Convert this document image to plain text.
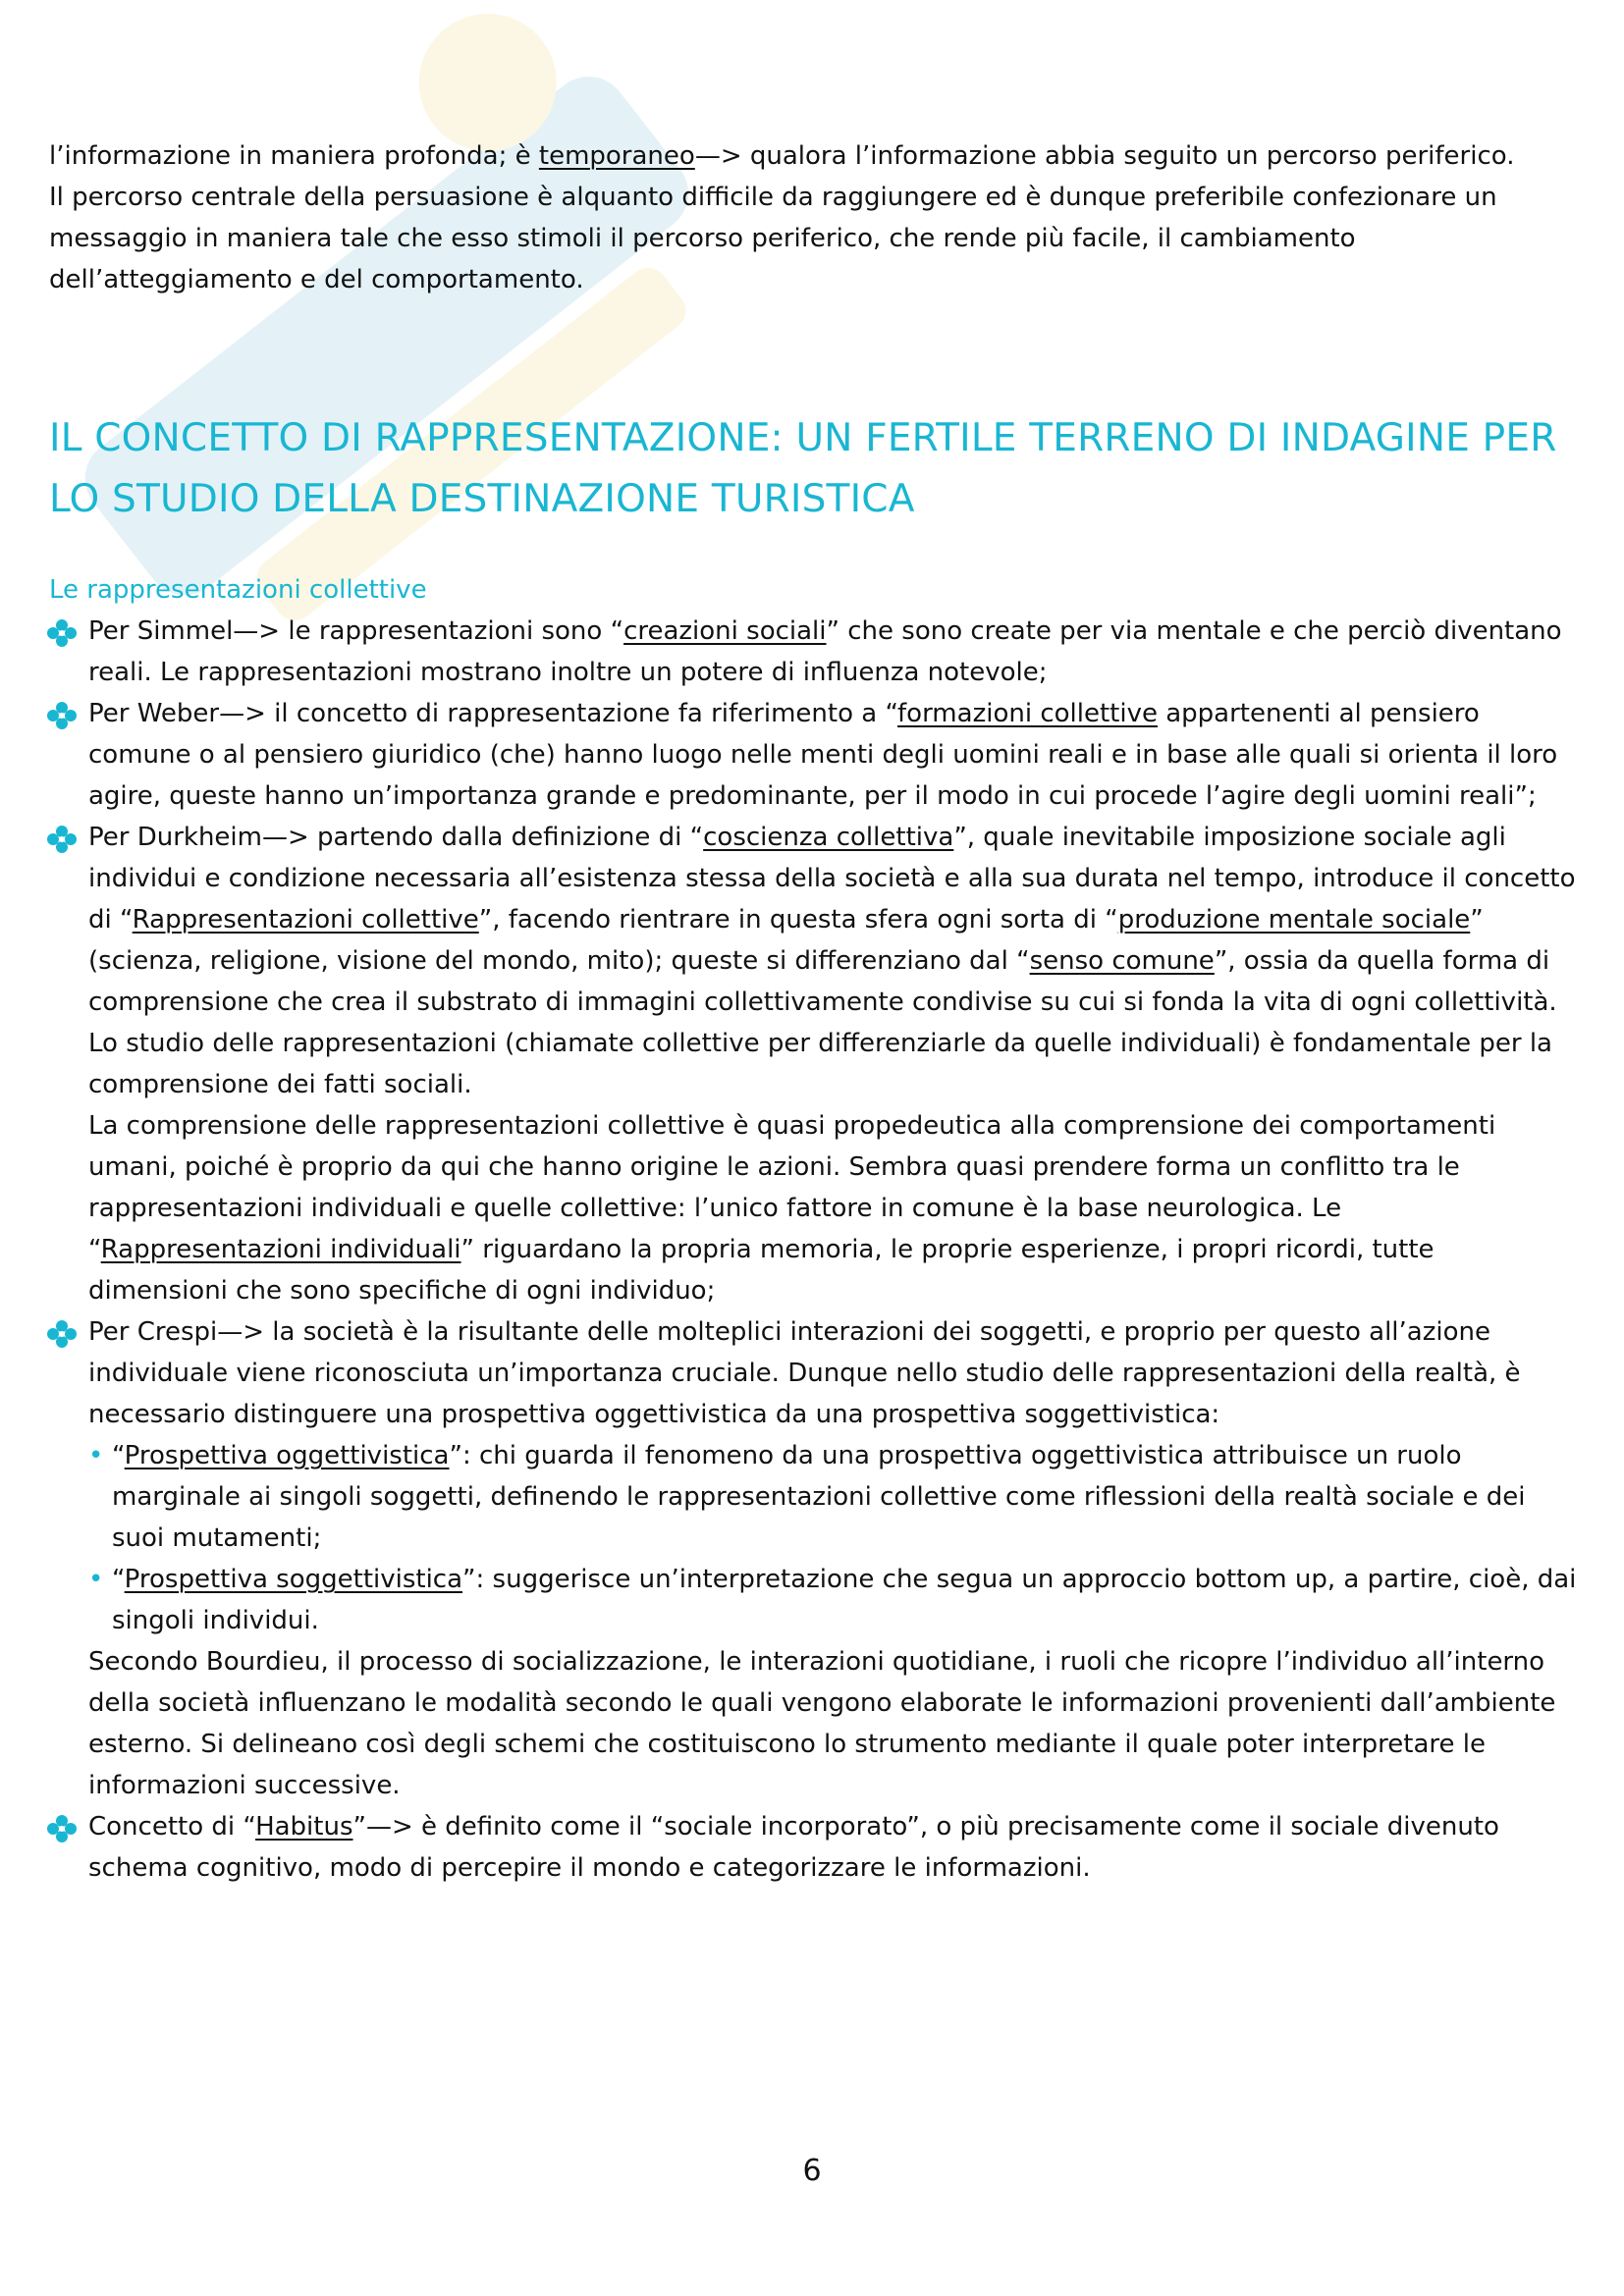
l’informazione in maniera profonda; è temporaneo—> qualora l’informazione abbia seguito un percorso periferico.

Il percorso centrale della persuasione è alquanto difficile da raggiungere ed è dunque preferibile confezionare un messaggio in maniera tale che esso stimoli il percorso periferico, che rende più facile, il cambiamento dell’atteggiamento e del comportamento.

IL CONCETTO DI RAPPRESENTAZIONE: UN FERTILE TERRENO DI INDAGINE PER LO STUDIO DELLA DESTINAZIONE TURISTICA
Le rappresentazioni collettive
Per Simmel—> le rappresentazioni sono “creazioni sociali” che sono create per via mentale e che perciò diventano reali. Le rappresentazioni mostrano inoltre un potere di influenza notevole;
Per Weber—> il concetto di rappresentazione fa riferimento a “formazioni collettive appartenenti al pensiero comune o al pensiero giuridico (che) hanno luogo nelle menti degli uomini reali e in base alle quali si orienta il loro agire, queste hanno un’importanza grande e predominante, per il modo in cui procede l’agire degli uomini reali”;
Per Durkheim—> partendo dalla definizione di “coscienza collettiva”, quale inevitabile imposizione sociale agli individui e condizione necessaria all’esistenza stessa della società e alla sua durata nel tempo, introduce il concetto di “Rappresentazioni collettive”, facendo rientrare in questa sfera ogni sorta di “produzione mentale sociale” (scienza, religione, visione del mondo, mito); queste si differenziano dal “senso comune”, ossia da quella forma di comprensione che crea il substrato di immagini collettivamente condivise su cui si fonda la vita di ogni collettività. Lo studio delle rappresentazioni (chiamate collettive per differenziarle da quelle individuali) è fondamentale per la comprensione dei fatti sociali.
La comprensione delle rappresentazioni collettive è quasi propedeutica alla comprensione dei comportamenti umani, poiché è proprio da qui che hanno origine le azioni. Sembra quasi prendere forma un conflitto tra le rappresentazioni individuali e quelle collettive: l’unico fattore in comune è la base neurologica. Le “Rappresentazioni individuali” riguardano la propria memoria, le proprie esperienze, i propri ricordi, tutte dimensioni che sono specifiche di ogni individuo;
Per Crespi—> la società è la risultante delle molteplici interazioni dei soggetti, e proprio per questo all’azione individuale viene riconosciuta un’importanza cruciale. Dunque nello studio delle rappresentazioni della realtà, è necessario distinguere una prospettiva oggettivistica da una prospettiva soggettivistica:
• “Prospettiva oggettivistica”: chi guarda il fenomeno da una prospettiva oggettivistica attribuisce un ruolo marginale ai singoli soggetti, definendo le rappresentazioni collettive come riflessioni della realtà sociale e dei suoi mutamenti;
• “Prospettiva soggettivistica”: suggerisce un’interpretazione che segua un approccio bottom up, a partire, cioè, dai singoli individui.
Secondo Bourdieu, il processo di socializzazione, le interazioni quotidiane, i ruoli che ricopre l’individuo all’interno della società influenzano le modalità secondo le quali vengono elaborate le informazioni provenienti dall’ambiente esterno. Si delineano così degli schemi che costituiscono lo strumento mediante il quale poter interpretare le informazioni successive.
Concetto di “Habitus”—> è definito come il “sociale incorporato”, o più precisamente come il sociale divenuto schema cognitivo, modo di percepire il mondo e categorizzare le informazioni.
6
